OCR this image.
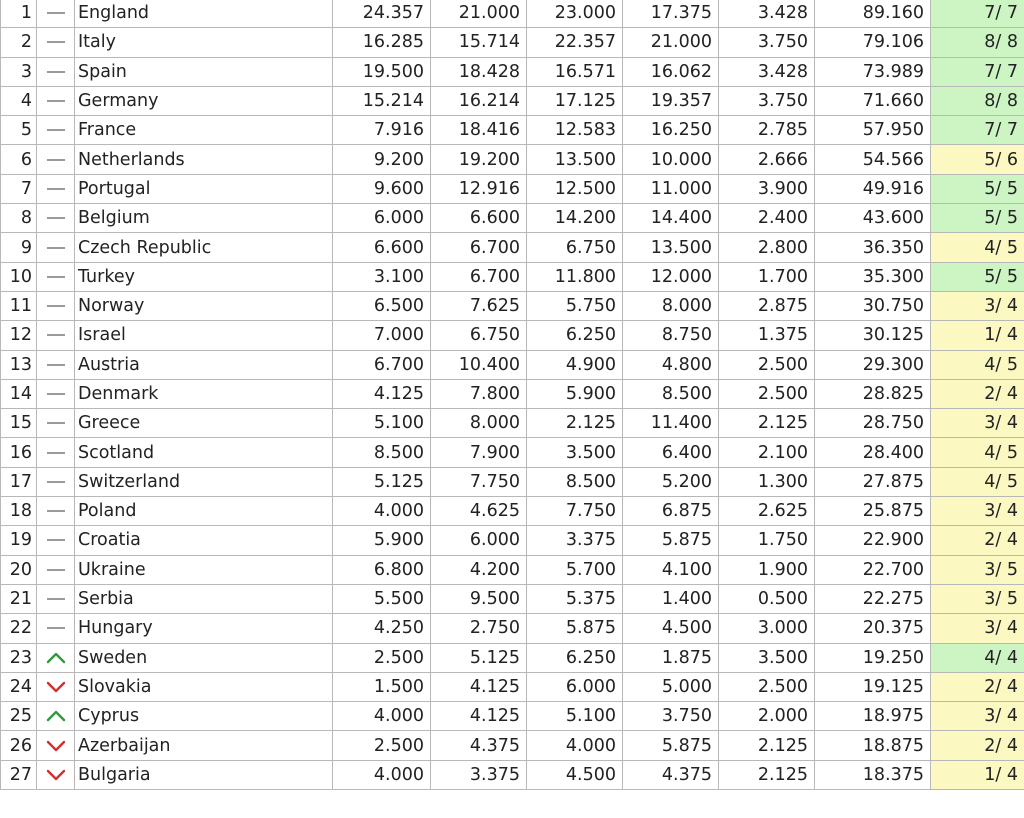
1		England	24.357	21.000	23.000	17.375	3.428	89.160	7/ 7
2		Italy	16.285	15.714	22.357	21.000	3.750	79.106	8/ 8
3		Spain	19.500	18.428	16.571	16.062	3.428	73.989	7/ 7
4		Germany	15.214	16.214	17.125	19.357	3.750	71.660	8/ 8
5		France	7.916	18.416	12.583	16.250	2.785	57.950	7/ 7
6		Netherlands	9.200	19.200	13.500	10.000	2.666	54.566	5/ 6
7		Portugal	9.600	12.916	12.500	11.000	3.900	49.916	5/ 5
8		Belgium	6.000	6.600	14.200	14.400	2.400	43.600	5/ 5
9		Czech Republic	6.600	6.700	6.750	13.500	2.800	36.350	4/ 5
10		Turkey	3.100	6.700	11.800	12.000	1.700	35.300	5/ 5
11		Norway	6.500	7.625	5.750	8.000	2.875	30.750	3/ 4
12		Israel	7.000	6.750	6.250	8.750	1.375	30.125	1/ 4
13		Austria	6.700	10.400	4.900	4.800	2.500	29.300	4/ 5
14		Denmark	4.125	7.800	5.900	8.500	2.500	28.825	2/ 4
15		Greece	5.100	8.000	2.125	11.400	2.125	28.750	3/ 4
16		Scotland	8.500	7.900	3.500	6.400	2.100	28.400	4/ 5
17		Switzerland	5.125	7.750	8.500	5.200	1.300	27.875	4/ 5
18		Poland	4.000	4.625	7.750	6.875	2.625	25.875	3/ 4
19		Croatia	5.900	6.000	3.375	5.875	1.750	22.900	2/ 4
20		Ukraine	6.800	4.200	5.700	4.100	1.900	22.700	3/ 5
21		Serbia	5.500	9.500	5.375	1.400	0.500	22.275	3/ 5
22		Hungary	4.250	2.750	5.875	4.500	3.000	20.375	3/ 4
23		Sweden	2.500	5.125	6.250	1.875	3.500	19.250	4/ 4
24		Slovakia	1.500	4.125	6.000	5.000	2.500	19.125	2/ 4
25		Cyprus	4.000	4.125	5.100	3.750	2.000	18.975	3/ 4
26		Azerbaijan	2.500	4.375	4.000	5.875	2.125	18.875	2/ 4
27		Bulgaria	4.000	3.375	4.500	4.375	2.125	18.375	1/ 4
